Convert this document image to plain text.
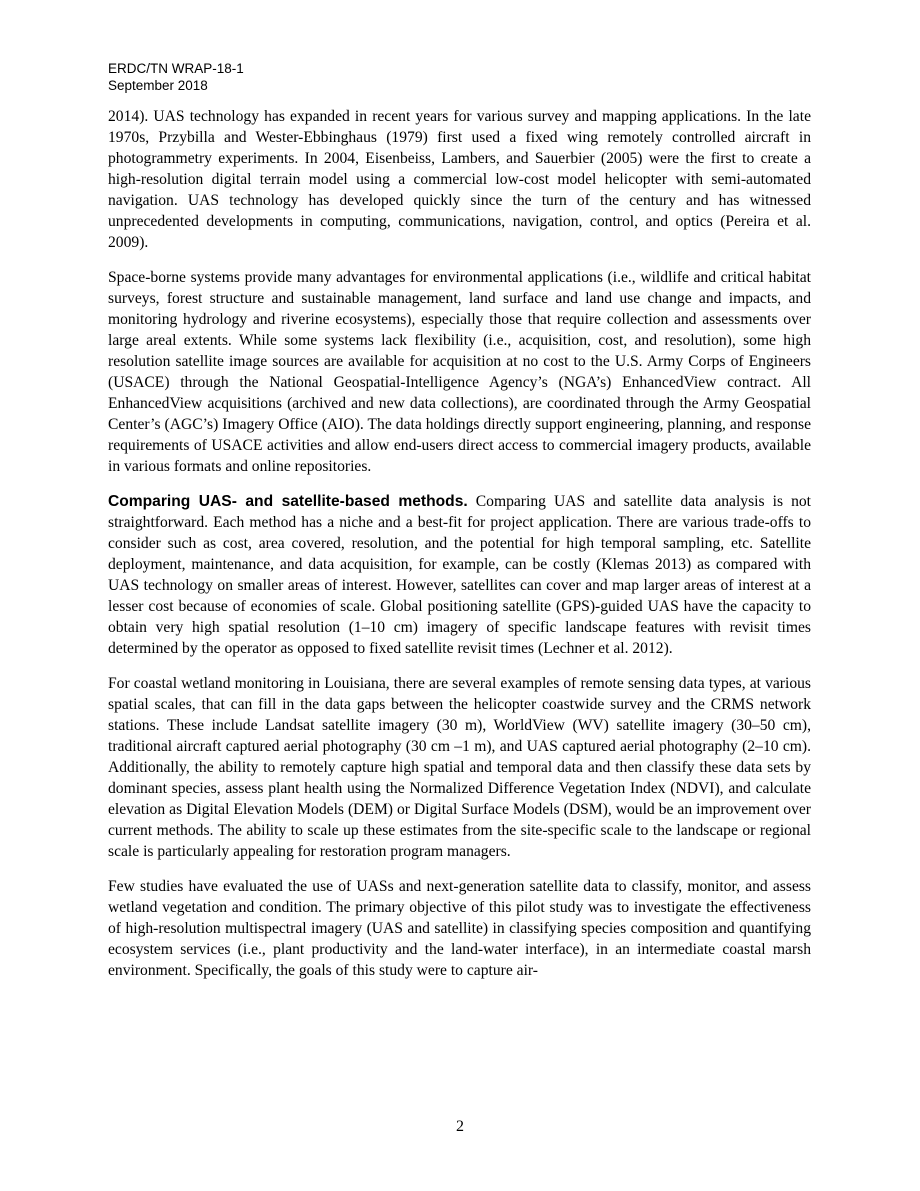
ERDC/TN WRAP-18-1
September 2018

2014). UAS technology has expanded in recent years for various survey and mapping applications. In the late 1970s, Przybilla and Wester-Ebbinghaus (1979) first used a fixed wing remotely controlled aircraft in photogrammetry experiments. In 2004, Eisenbeiss, Lambers, and Sauerbier (2005) were the first to create a high-resolution digital terrain model using a commercial low-cost model helicopter with semi-automated navigation. UAS technology has developed quickly since the turn of the century and has witnessed unprecedented developments in computing, communications, navigation, control, and optics (Pereira et al. 2009).

Space-borne systems provide many advantages for environmental applications (i.e., wildlife and critical habitat surveys, forest structure and sustainable management, land surface and land use change and impacts, and monitoring hydrology and riverine ecosystems), especially those that require collection and assessments over large areal extents. While some systems lack flexibility (i.e., acquisition, cost, and resolution), some high resolution satellite image sources are available for acquisition at no cost to the U.S. Army Corps of Engineers (USACE) through the National Geospatial-Intelligence Agency’s (NGA’s) EnhancedView contract. All EnhancedView acquisitions (archived and new data collections), are coordinated through the Army Geospatial Center’s (AGC’s) Imagery Office (AIO). The data holdings directly support engineering, planning, and response requirements of USACE activities and allow end-users direct access to commercial imagery products, available in various formats and online repositories.

Comparing UAS- and satellite-based methods. Comparing UAS and satellite data analysis is not straightforward. Each method has a niche and a best-fit for project application. There are various trade-offs to consider such as cost, area covered, resolution, and the potential for high temporal sampling, etc. Satellite deployment, maintenance, and data acquisition, for example, can be costly (Klemas 2013) as compared with UAS technology on smaller areas of interest. However, satellites can cover and map larger areas of interest at a lesser cost because of economies of scale. Global positioning satellite (GPS)-guided UAS have the capacity to obtain very high spatial resolution (1–10 cm) imagery of specific landscape features with revisit times determined by the operator as opposed to fixed satellite revisit times (Lechner et al. 2012).

For coastal wetland monitoring in Louisiana, there are several examples of remote sensing data types, at various spatial scales, that can fill in the data gaps between the helicopter coastwide survey and the CRMS network stations. These include Landsat satellite imagery (30 m), WorldView (WV) satellite imagery (30–50 cm), traditional aircraft captured aerial photography (30 cm –1 m), and UAS captured aerial photography (2–10 cm). Additionally, the ability to remotely capture high spatial and temporal data and then classify these data sets by dominant species, assess plant health using the Normalized Difference Vegetation Index (NDVI), and calculate elevation as Digital Elevation Models (DEM) or Digital Surface Models (DSM), would be an improvement over current methods. The ability to scale up these estimates from the site-specific scale to the landscape or regional scale is particularly appealing for restoration program managers.

Few studies have evaluated the use of UASs and next-generation satellite data to classify, monitor, and assess wetland vegetation and condition. The primary objective of this pilot study was to investigate the effectiveness of high-resolution multispectral imagery (UAS and satellite) in classifying species composition and quantifying ecosystem services (i.e., plant productivity and the land-water interface), in an intermediate coastal marsh environment. Specifically, the goals of this study were to capture air-

2
